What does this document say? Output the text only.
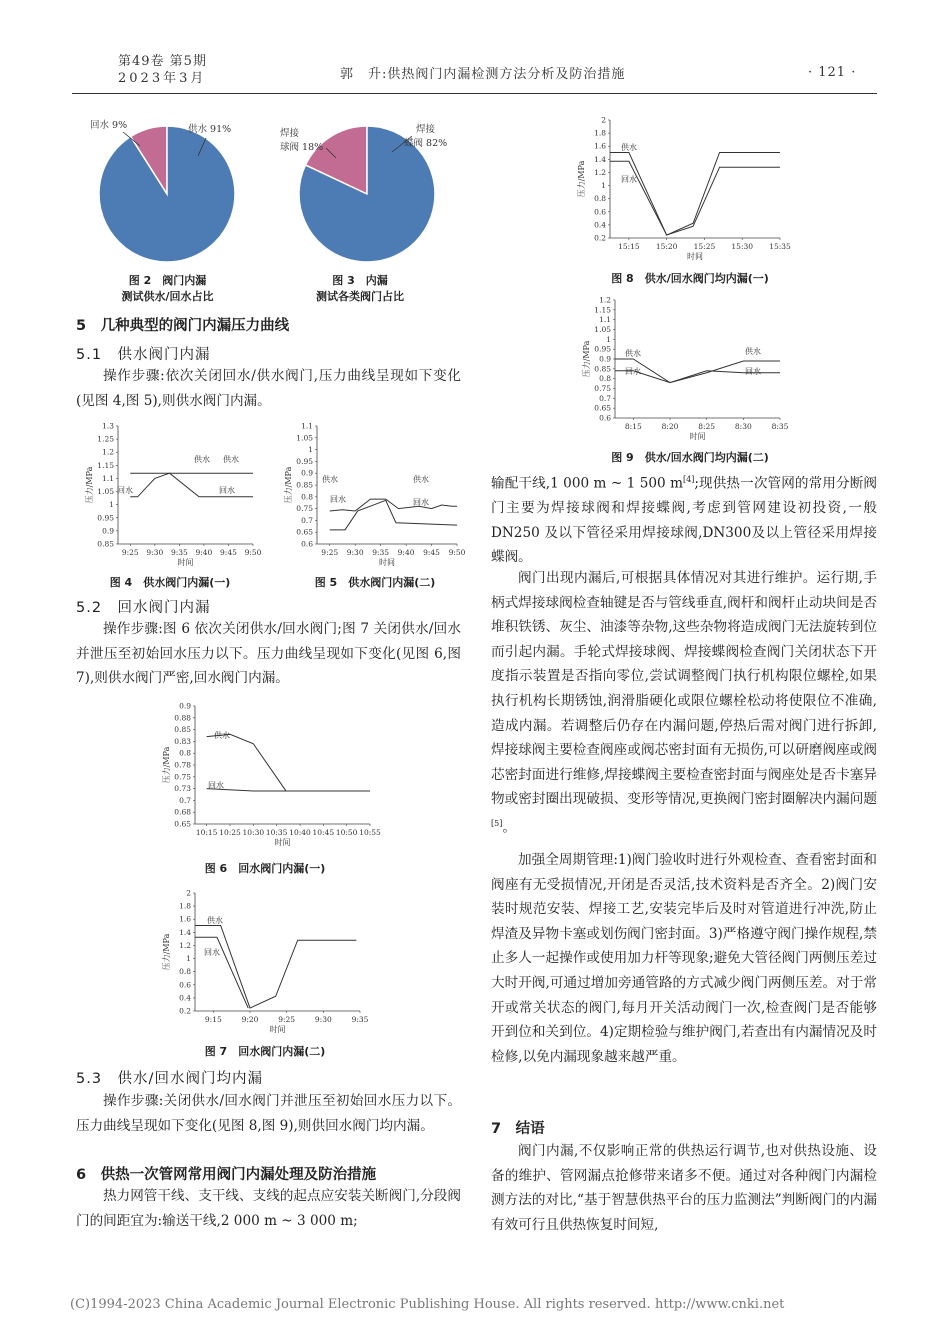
第49卷 第5期
2023年3月	郭　升:供热阀门内漏检测方法分析及防治措施	· 121 ·
回水 9%	供水 91%
图 2　阀门内漏
测试供水/回水占比
焊接
球阀 18%
焊接
蝶阀 82%
图 3　内漏
测试各类阀门占比
5　几种典型的阀门内漏压力曲线
5.1　供水阀门内漏
操作步骤:依次关闭回水/供水阀门,压力曲线呈现如下变化(见图 4,图 5),则供水阀门内漏。
1.3
1.25
1.2
1.15
1.1
1.05
1
0.95
0.9
0.85
9:25 9:30 9:35 9:40 9:45 9:50
时间
压力/MPa
供水
回水	回水
供水
图 4　供水阀门内漏(一)
1.1
1.05
1
0.95
0.9
0.85
0.8
0.75
0.7
0.65
0.6
9:25 9:30 9:35 9:40 9:45 9:50
时间
压力/MPa	供水	供水
回水	回水
图 5　供水阀门内漏(二)
5.2　回水阀门内漏
操作步骤:图 6 依次关闭供水/回水阀门;图 7 关闭供水/回水并泄压至初始回水压力以下。压力曲线呈现如下变化(见图 6,图 7),则供水阀门严密,回水阀门内漏。
0.9
0.88
0.85
0.83
0.8
0.78
0.75
0.73
0.7
0.68
0.65
10:15 10:25 10:30 10:35 10:40 10:45 10:50 10:55
时间
压力/MPa
供水
回水
图 6　回水阀门内漏(一)
2
1.8
1.6
1.4
1.2
1
0.8
0.6
0.4
0.2
9:15	9:20	9:25	9:30	9:35
时间
压力/MPa
供水
回水
图 7　回水阀门内漏(二)
5.3　供水/回水阀门均内漏
操作步骤:关闭供水/回水阀门并泄压至初始回水压力以下。压力曲线呈现如下变化(见图 8,图 9),则供回水阀门均内漏。
6　供热一次管网常用阀门内漏处理及防治措施
热力网管干线、支干线、支线的起点应安装关断阀门,分段阀门的间距宜为:输送干线,2 000 m ~ 3 000 m;
2
1.8
1.6
1.4
1.2
1
0.8
0.6
0.4
0.2
15:15 15:20 15:25 15:30 15:35
时间
压力/MPa
供水
回水
图 8　供水/回水阀门均内漏(一)
1.2
1.15
1.1
1.05
1
0.95
0.9
0.85
0.8
0.75
0.7
0.65
0.6
8:15	8:20	8:25	8:30	8:35
时间
压力/MPa	供水
回水
供水
回水
图 9　供水/回水阀门均内漏(二)
输配干线,1 000 m ~ 1 500 m[4];现供热一次管网的常用分断阀门主要为焊接球阀和焊接蝶阀,考虑到管网建设初投资,一般 DN250 及以下管径采用焊接球阀,DN300及以上管径采用焊接蝶阀。
阀门出现内漏后,可根据具体情况对其进行维护。运行期,手柄式焊接球阀检查轴键是否与管线垂直,阀杆和阀杆止动块间是否堆积铁锈、灰尘、油漆等杂物,这些杂物将造成阀门无法旋转到位而引起内漏。手轮式焊接球阀、焊接蝶阀检查阀门关闭状态下开度指示装置是否指向零位,尝试调整阀门执行机构限位螺栓,如果执行机构长期锈蚀,润滑脂硬化或限位螺栓松动将使限位不准确,造成内漏。若调整后仍存在内漏问题,停热后需对阀门进行拆卸,焊接球阀主要检查阀座或阀芯密封面有无损伤,可以研磨阀座或阀芯密封面进行维修,焊接蝶阀主要检查密封面与阀座处是否卡塞异物或密封圈出现破损、变形等情况,更换阀门密封圈解决内漏问题[5]。
加强全周期管理:1)阀门验收时进行外观检查、查看密封面和阀座有无受损情况,开闭是否灵活,技术资料是否齐全。2)阀门安装时规范安装、焊接工艺,安装完毕后及时对管道进行冲洗,防止焊渣及异物卡塞或划伤阀门密封面。3)严格遵守阀门操作规程,禁止多人一起操作或使用加力杆等现象;避免大管径阀门两侧压差过大时开阀,可通过增加旁通管路的方式减少阀门两侧压差。对于常开或常关状态的阀门,每月开关活动阀门一次,检查阀门是否能够开到位和关到位。4)定期检验与维护阀门,若查出有内漏情况及时检修,以免内漏现象越来越严重。
7　结语
阀门内漏,不仅影响正常的供热运行调节,也对供热设施、设备的维护、管网漏点抢修带来诸多不便。通过对各种阀门内漏检测方法的对比,“基于智慧供热平台的压力监测法”判断阀门的内漏有效可行且供热恢复时间短,
(C)1994-2023 China Academic Journal Electronic Publishing House. All rights reserved. http://www.cnki.net
